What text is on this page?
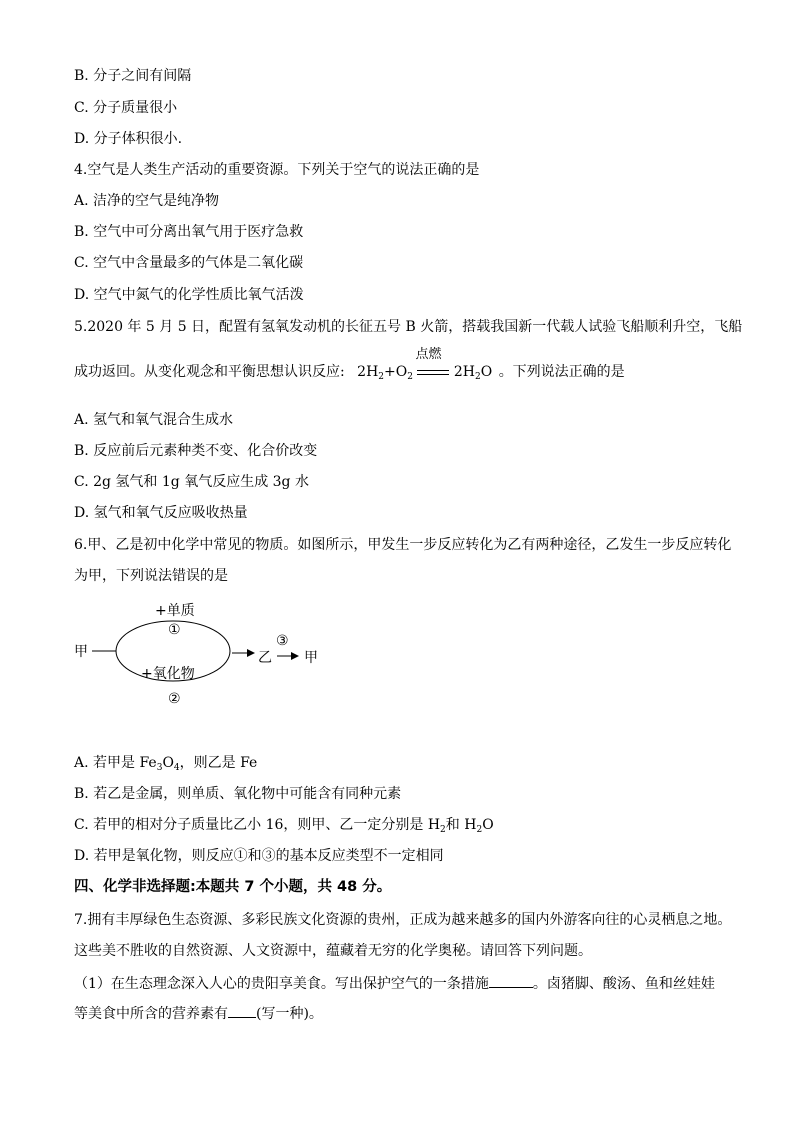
B. 分子之间有间隔
C. 分子质量很小
D. 分子体积很小.
4.空气是人类生产活动的重要资源。下列关于空气的说法正确的是
A. 洁净的空气是纯净物
B. 空气中可分离出氧气用于医疗急救
C. 空气中含量最多的气体是二氧化碳
D. 空气中氮气的化学性质比氧气活泼
5.2020 年 5 月 5 日，配置有氢氧发动机的长征五号 B 火箭，搭载我国新一代载人试验飞船顺利升空，飞船
成功返回。从变化观念和平衡思想认识反应: $2H_2+O_2$
点燃
$2H_2O$ 。下列说法正确的是
A. 氢气和氧气混合生成水
B. 反应前后元素种类不变、化合价改变
C. 2g 氢气和 1g 氧气反应生成 3g 水
D. 氢气和氧气反应吸收热量
6.甲、乙是初中化学中常见的物质。如图所示，甲发生一步反应转化为乙有两种途径，乙发生一步反应转化
为甲，下列说法错误的是
甲
+单质
①
+氧化物
②
乙
③
甲
A. 若甲是 $Fe_3O_4$，则乙是 Fe
B. 若乙是金属，则单质、氧化物中可能含有同种元素
C. 若甲的相对分子质量比乙小 16，则甲、乙一定分别是 $H_2$和 $H_2O$
D. 若甲是氧化物，则反应①和③的基本反应类型不一定相同
四、化学非选择题:本题共 7 个小题，共 48 分。
7.拥有丰厚绿色生态资源、多彩民族文化资源的贵州，正成为越来越多的国内外游客向往的心灵栖息之地。
这些美不胜收的自然资源、人文资源中，蕴藏着无穷的化学奥秘。请回答下列问题。
（1）在生态理念深入人心的贵阳享美食。写出保护空气的一条措施	。卤猪脚、酸汤、鱼和丝娃娃
等美食中所含的营养素有 (写一种)。
